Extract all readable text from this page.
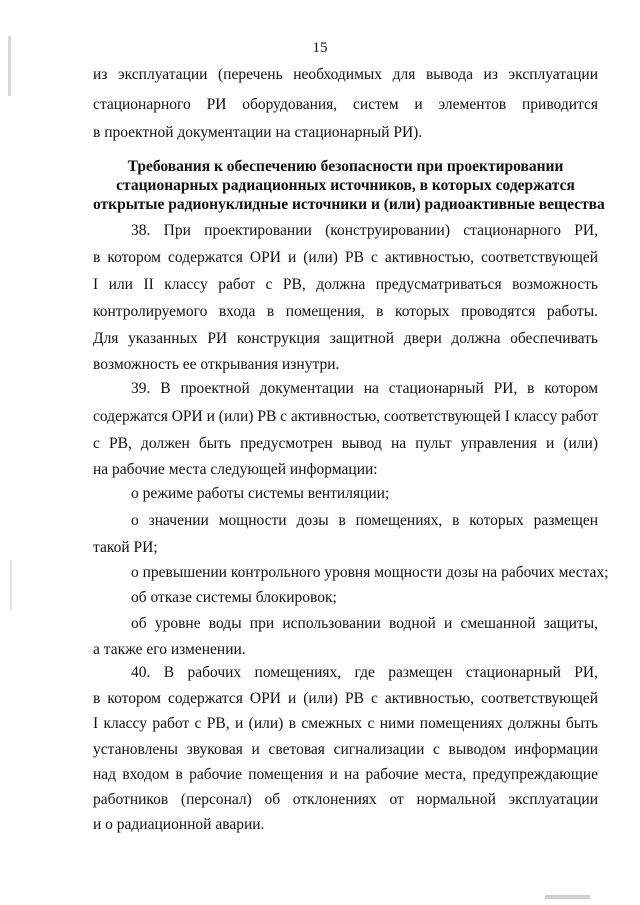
15
из эксплуатации (перечень необходимых для вывода из эксплуатации
стационарного РИ оборудования, систем и элементов приводится
в проектной документации на стационарный РИ).
Требования к обеспечению безопасности при проектировании
стационарных радиационных источников, в которых содержатся
открытые радионуклидные источники и (или) радиоактивные вещества
38. При проектировании (конструировании) стационарного РИ,
в котором содержатся ОРИ и (или) РВ с активностью, соответствующей
I или II классу работ с РВ, должна предусматриваться возможность
контролируемого входа в помещения, в которых проводятся работы.
Для указанных РИ конструкция защитной двери должна обеспечивать
возможность ее открывания изнутри.
39. В проектной документации на стационарный РИ, в котором
содержатся ОРИ и (или) РВ с активностью, соответствующей I классу работ
с РВ, должен быть предусмотрен вывод на пульт управления и (или)
на рабочие места следующей информации:
о режиме работы системы вентиляции;
о значении мощности дозы в помещениях, в которых размещен
такой РИ;
о превышении контрольного уровня мощности дозы на рабочих местах;
об отказе системы блокировок;
об уровне воды при использовании водной и смешанной защиты,
а также его изменении.
40. В рабочих помещениях, где размещен стационарный РИ,
в котором содержатся ОРИ и (или) РВ с активностью, соответствующей
I классу работ с РВ, и (или) в смежных с ними помещениях должны быть
установлены звуковая и световая сигнализации с выводом информации
над входом в рабочие помещения и на рабочие места, предупреждающие
работников (персонал) об отклонениях от нормальной эксплуатации
и о радиационной аварии.
